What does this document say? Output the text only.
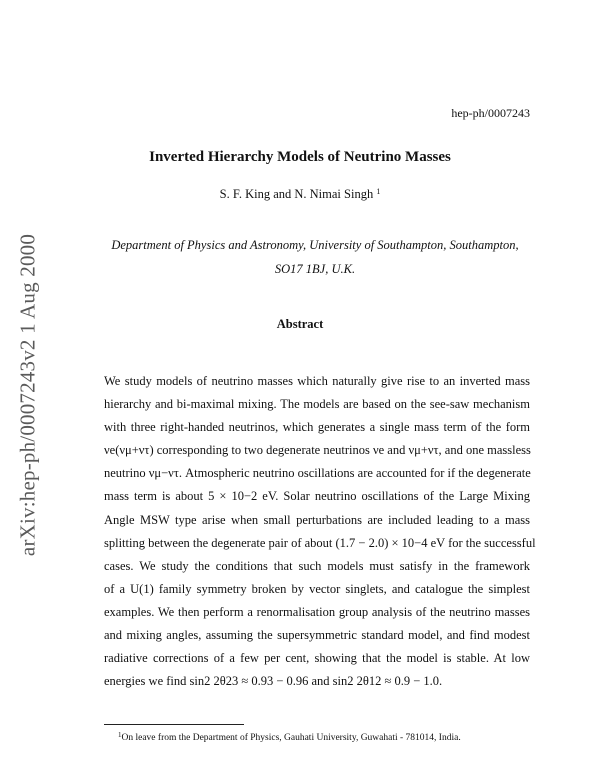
arXiv:hep-ph/0007243v2 1 Aug 2000
hep-ph/0007243
Inverted Hierarchy Models of Neutrino Masses
S. F. King and N. Nimai Singh $^1$
Department of Physics and Astronomy, University of Southampton, Southampton,
SO17 1BJ, U.K.
Abstract
We study models of neutrino masses which naturally give rise to an inverted mass
hierarchy and bi-maximal mixing. The models are based on the see-saw mechanism
with three right-handed neutrinos, which generates a single mass term of the form
νe(νμ+ντ) corresponding to two degenerate neutrinos νe and νμ+ντ, and one massless
neutrino νμ−ντ. Atmospheric neutrino oscillations are accounted for if the degenerate
mass term is about 5 × 10−2 eV. Solar neutrino oscillations of the Large Mixing
Angle MSW type arise when small perturbations are included leading to a mass
splitting between the degenerate pair of about (1.7 − 2.0) × 10−4 eV for the successful
cases. We study the conditions that such models must satisfy in the framework
of a U(1) family symmetry broken by vector singlets, and catalogue the simplest
examples. We then perform a renormalisation group analysis of the neutrino masses
and mixing angles, assuming the supersymmetric standard model, and find modest
radiative corrections of a few per cent, showing that the model is stable. At low
energies we find sin2 2θ23 ≈ 0.93 − 0.96 and sin2 2θ12 ≈ 0.9 − 1.0.
$^1$On leave from the Department of Physics, Gauhati University, Guwahati - 781014, India.
